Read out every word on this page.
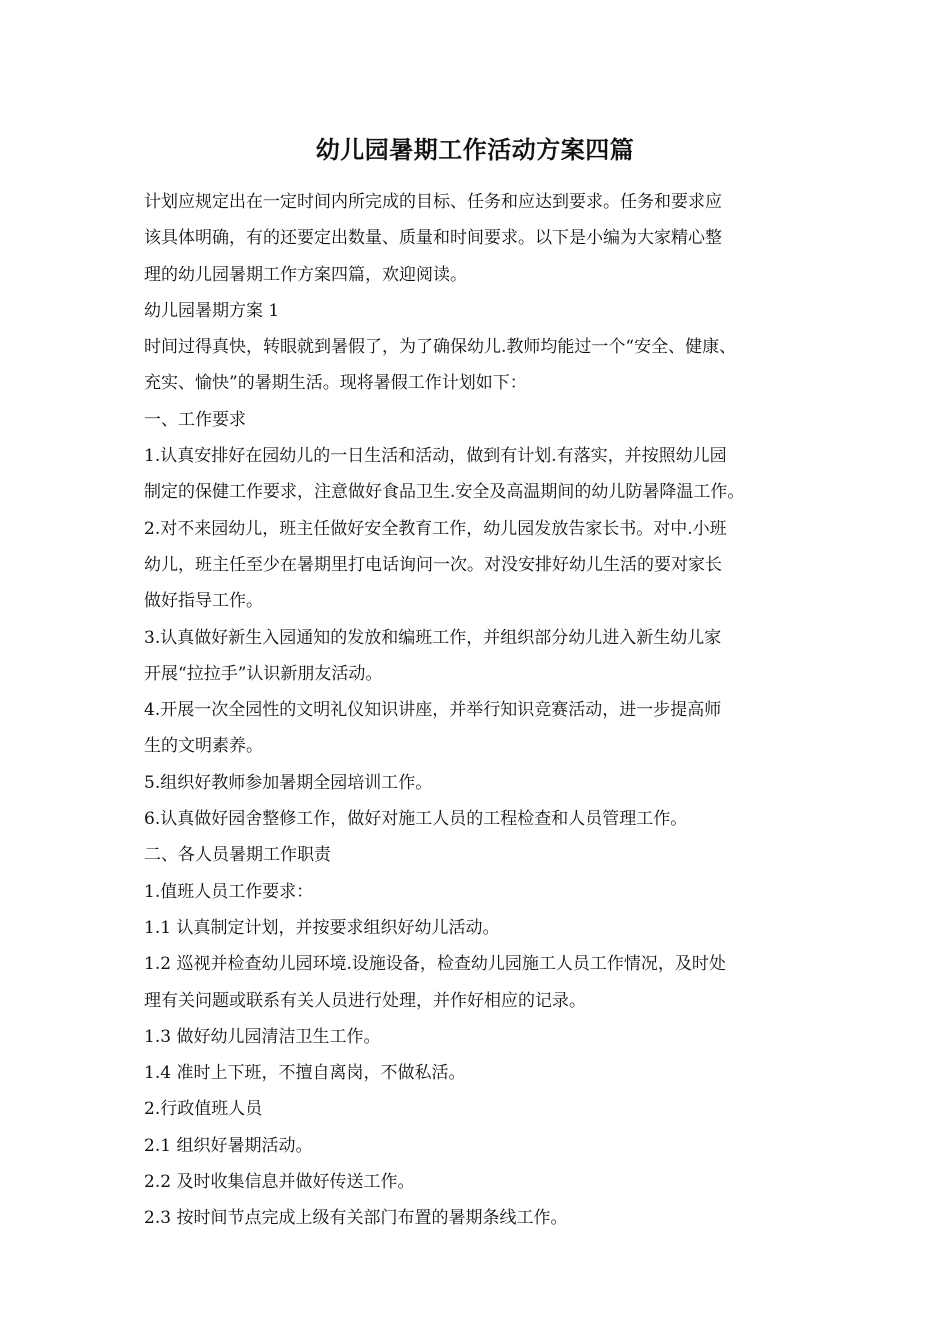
幼儿园暑期工作活动方案四篇

计划应规定出在一定时间内所完成的目标、任务和应达到要求。任务和要求应
该具体明确，有的还要定出数量、质量和时间要求。以下是小编为大家精心整
理的幼儿园暑期工作方案四篇，欢迎阅读。

幼儿园暑期方案 1

时间过得真快，转眼就到暑假了，为了确保幼儿.教师均能过一个“安全、健康、
充实、愉快”的暑期生活。现将暑假工作计划如下：

一、工作要求

1.认真安排好在园幼儿的一日生活和活动，做到有计划.有落实，并按照幼儿园
制定的保健工作要求，注意做好食品卫生.安全及高温期间的幼儿防暑降温工作。

2.对不来园幼儿，班主任做好安全教育工作，幼儿园发放告家长书。对中.小班
幼儿，班主任至少在暑期里打电话询问一次。对没安排好幼儿生活的要对家长
做好指导工作。

3.认真做好新生入园通知的发放和编班工作，并组织部分幼儿进入新生幼儿家
开展“拉拉手”认识新朋友活动。

4.开展一次全园性的文明礼仪知识讲座，并举行知识竞赛活动，进一步提高师
生的文明素养。

5.组织好教师参加暑期全园培训工作。

6.认真做好园舍整修工作，做好对施工人员的工程检查和人员管理工作。

二、各人员暑期工作职责

1.值班人员工作要求：

1.1 认真制定计划，并按要求组织好幼儿活动。

1.2 巡视并检查幼儿园环境.设施设备，检查幼儿园施工人员工作情况，及时处
理有关问题或联系有关人员进行处理，并作好相应的记录。

1.3 做好幼儿园清洁卫生工作。

1.4 准时上下班，不擅自离岗，不做私活。

2.行政值班人员

2.1 组织好暑期活动。

2.2 及时收集信息并做好传送工作。

2.3 按时间节点完成上级有关部门布置的暑期条线工作。
